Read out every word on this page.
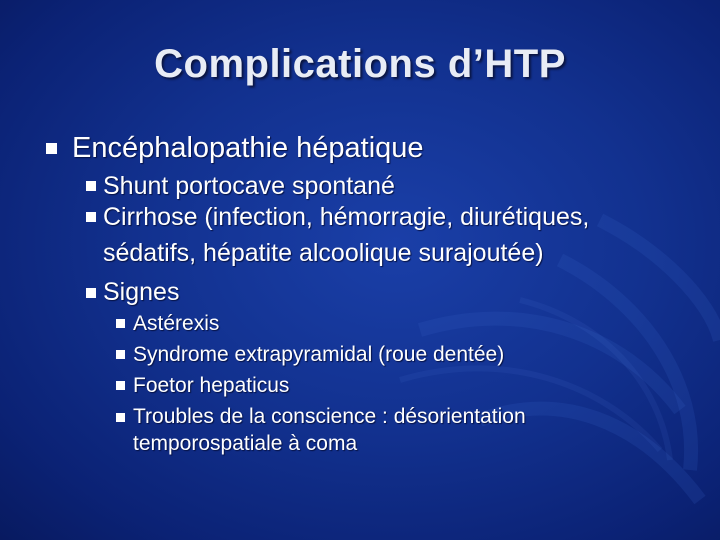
Complications d’HTP
Encéphalopathie hépatique
Shunt portocave spontané
Cirrhose (infection, hémorragie, diurétiques,
sédatifs, hépatite alcoolique surajoutée)
Signes
Astérexis
Syndrome extrapyramidal (roue dentée)
Foetor hepaticus
Troubles de la conscience : désorientation
temporospatiale à coma
